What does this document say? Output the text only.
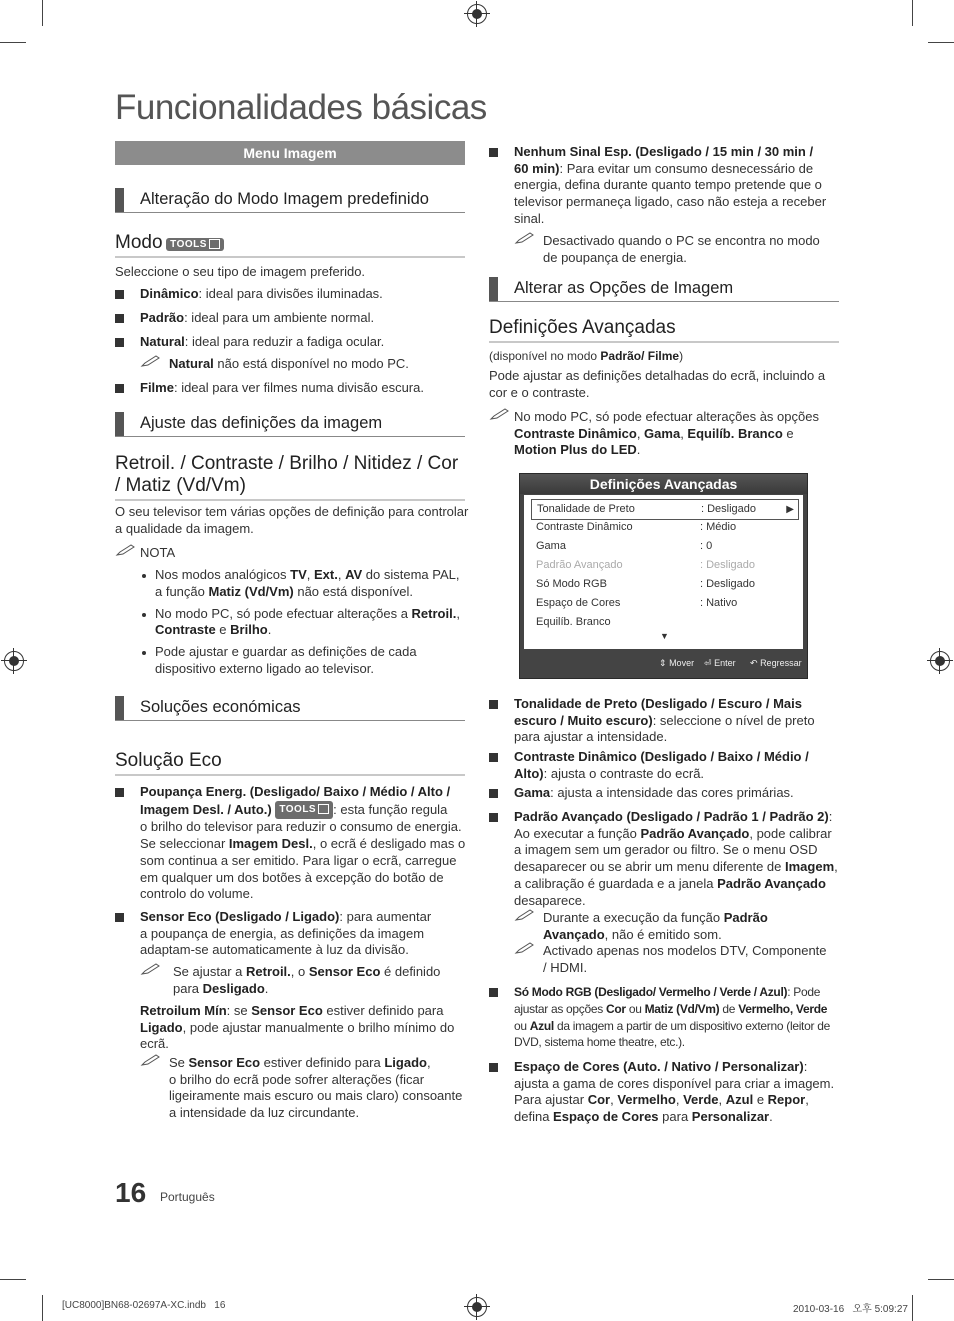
Funcionalidades básicas
Menu Imagem
Alteração do Modo Imagem predefinido
Modo TOOLS
Seleccione o seu tipo de imagem preferido.
Dinâmico: ideal para divisões iluminadas.
Padrão: ideal para um ambiente normal.
Natural: ideal para reduzir a fadiga ocular.
Natural não está disponível no modo PC.
Filme: ideal para ver filmes numa divisão escura.
Ajuste das definições da imagem
Retroil. / Contraste / Brilho / Nitidez / Cor
/ Matiz (Vd/Vm)
O seu televisor tem várias opções de definição para controlar
a qualidade da imagem.
NOTA
Nos modos analógicos TV, Ext., AV do sistema PAL,
a função Matiz (Vd/Vm) não está disponível.
No modo PC, só pode efectuar alterações a Retroil.,
Contraste e Brilho.
Pode ajustar e guardar as definições de cada
dispositivo externo ligado ao televisor.
Soluções económicas
Solução Eco
Poupança Energ. (Desligado/ Baixo / Médio / Alto /
Imagem Desl. / Auto.) TOOLS : esta função regula
o brilho do televisor para reduzir o consumo de energia.
Se seleccionar Imagem Desl., o ecrã é desligado mas o
som continua a ser emitido. Para ligar o ecrã, carregue
em qualquer um dos botões à excepção do botão de
controlo do volume.
Sensor Eco (Desligado / Ligado): para aumentar
a poupança de energia, as definições da imagem
adaptam-se automaticamente à luz da divisão.
Se ajustar a Retroil., o Sensor Eco é definido
para Desligado.
Retroilum Mín: se Sensor Eco estiver definido para
Ligado, pode ajustar manualmente o brilho mínimo do
ecrã.
Se Sensor Eco estiver definido para Ligado,
o brilho do ecrã pode sofrer alterações (ficar
ligeiramente mais escuro ou mais claro) consoante
a intensidade da luz circundante.
Nenhum Sinal Esp. (Desligado / 15 min / 30 min /
60 min): Para evitar um consumo desnecessário de
energia, defina durante quanto tempo pretende que o
televisor permaneça ligado, caso não esteja a receber
sinal.
Desactivado quando o PC se encontra no modo
de poupança de energia.
Alterar as Opções de Imagem
Definições Avançadas
(disponível no modo Padrão/ Filme)
Pode ajustar as definições detalhadas do ecrã, incluindo a
cor e o contraste.
No modo PC, só pode efectuar alterações às opções
Contraste Dinâmico, Gama, Equilíb. Branco e
Motion Plus do LED.
Definições Avançadas
Tonalidade de Preto	: Desligado	▶
Contraste Dinâmico	: Médio
Gama	: 0
Padrão Avançado	: Desligado
Só Modo RGB	: Desligado
Espaço de Cores	: Nativo
Equilíb. Branco
▼
⇕ Mover ⏎ Enter ↶ Regressar
Tonalidade de Preto (Desligado / Escuro / Mais
escuro / Muito escuro): seleccione o nível de preto
para ajustar a intensidade.
Contraste Dinâmico (Desligado / Baixo / Médio /
Alto): ajusta o contraste do ecrã.
Gama: ajusta a intensidade das cores primárias.
Padrão Avançado (Desligado / Padrão 1 / Padrão 2):
Ao executar a função Padrão Avançado, pode calibrar
a imagem sem um gerador ou filtro. Se o menu OSD
desaparecer ou se abrir um menu diferente de Imagem,
a calibração é guardada e a janela Padrão Avançado
desaparece.
Durante a execução da função Padrão
Avançado, não é emitido som.
Activado apenas nos modelos DTV, Componente
/ HDMI.
Só Modo RGB (Desligado/ Vermelho / Verde / Azul): Pode
ajustar as opções Cor ou Matiz (Vd/Vm) de Vermelho, Verde
ou Azul da imagem a partir de um dispositivo externo (leitor de
DVD, sistema home theatre, etc.).
Espaço de Cores (Auto. / Nativo / Personalizar):
ajusta a gama de cores disponível para criar a imagem.
Para ajustar Cor, Vermelho, Verde, Azul e Repor,
defina Espaço de Cores para Personalizar.
16 Português
[UC8000]BN68-02697A-XC.indb   16	2010-03-16   오후 5:09:27
